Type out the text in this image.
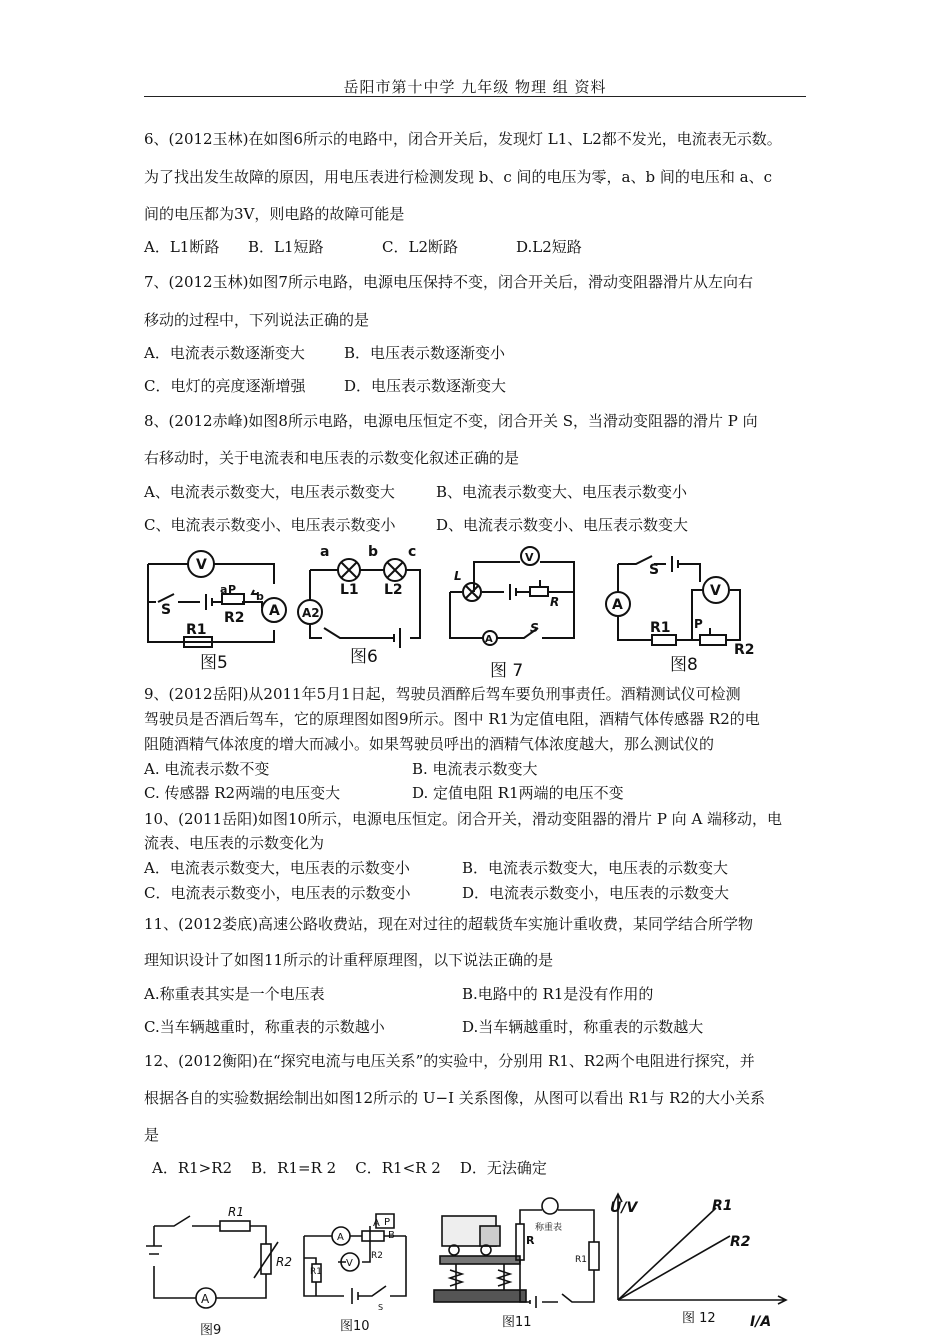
岳阳市第十中学 九年级 物理 组 资料
6、(2012玉林)在如图6所示的电路中，闭合开关后，发现灯 L1、L2都不发光，电流表无示数。
为了找出发生故障的原因，用电压表进行检测发现 b、c 间的电压为零，a、b 间的电压和 a、c
间的电压都为3V，则电路的故障可能是
A．L1断路 B．L1短路	C．L2断路	D.L2短路
7、(2012玉林)如图7所示电路，电源电压保持不变，闭合开关后，滑动变阻器滑片从左向右
移动的过程中，下列说法正确的是
A．电流表示数逐渐变大	B．电压表示数逐渐变小
C．电灯的亮度逐渐增强	D．电压表示数逐渐变大
8、(2012赤峰)如图8所示电路，电源电压恒定不变，闭合开关 S，当滑动变阻器的滑片 P 向
右移动时，关于电流表和电压表的示数变化叙述正确的是
A、电流表示数变大，电压表示数变大	B、电流表示数变大、电压表示数变小
C、电流表示数变小、电压表示数变小	D、电流表示数变小、电压表示数变大
V
A
S
a P
b
R2
R1
a	b c
L1 L2
A2
V
A
L
R
S
S
A
V
R1 P
R2
图5	图6
图 7	图8
9、(2012岳阳)从2011年5月1日起，驾驶员酒醉后驾车要负刑事责任。酒精测试仪可检测
驾驶员是否酒后驾车，它的原理图如图9所示。图中 R1为定值电阻，酒精气体传感器 R2的电
阻随酒精气体浓度的增大而减小。如果驾驶员呼出的酒精气体浓度越大，那么测试仪的
A. 电流表示数不变	B. 电流表示数变大
C. 传感器 R2两端的电压变大	D. 定值电阻 R1两端的电压不变
10、(2011岳阳)如图10所示，电源电压恒定。闭合开关，滑动变阻器的滑片 P 向 A 端移动，电
流表、电压表的示数变化为
A．电流表示数变大，电压表的示数变小	B．电流表示数变大，电压表的示数变大
C．电流表示数变小，电压表的示数变小	D．电流表示数变小，电压表的示数变大
11、(2012娄底)高速公路收费站，现在对过往的超载货车实施计重收费，某同学结合所学物
理知识设计了如图11所示的计重秤原理图，以下说法正确的是
A.称重表其实是一个电压表	B.电路中的 R1是没有作用的
C.当车辆越重时，称重表的示数越小	D.当车辆越重时，称重表的示数越大
12、(2012衡阳)在“探究电流与电压关系”的实验中，分别用 R1、R2两个电阻进行探究，并
根据各自的实验数据绘制出如图12所示的 U−I 关系图像，从图可以看出 R1与 R2的大小关系
是
A．R1>R2    B．R1=R 2    C．R1<R 2    D．无法确定
R1
R2
A
A
V
A P
B
R2
R1
S
R
R1
称重表
U/V
I/A
R1
R2
图9	图10	图11	图 12
